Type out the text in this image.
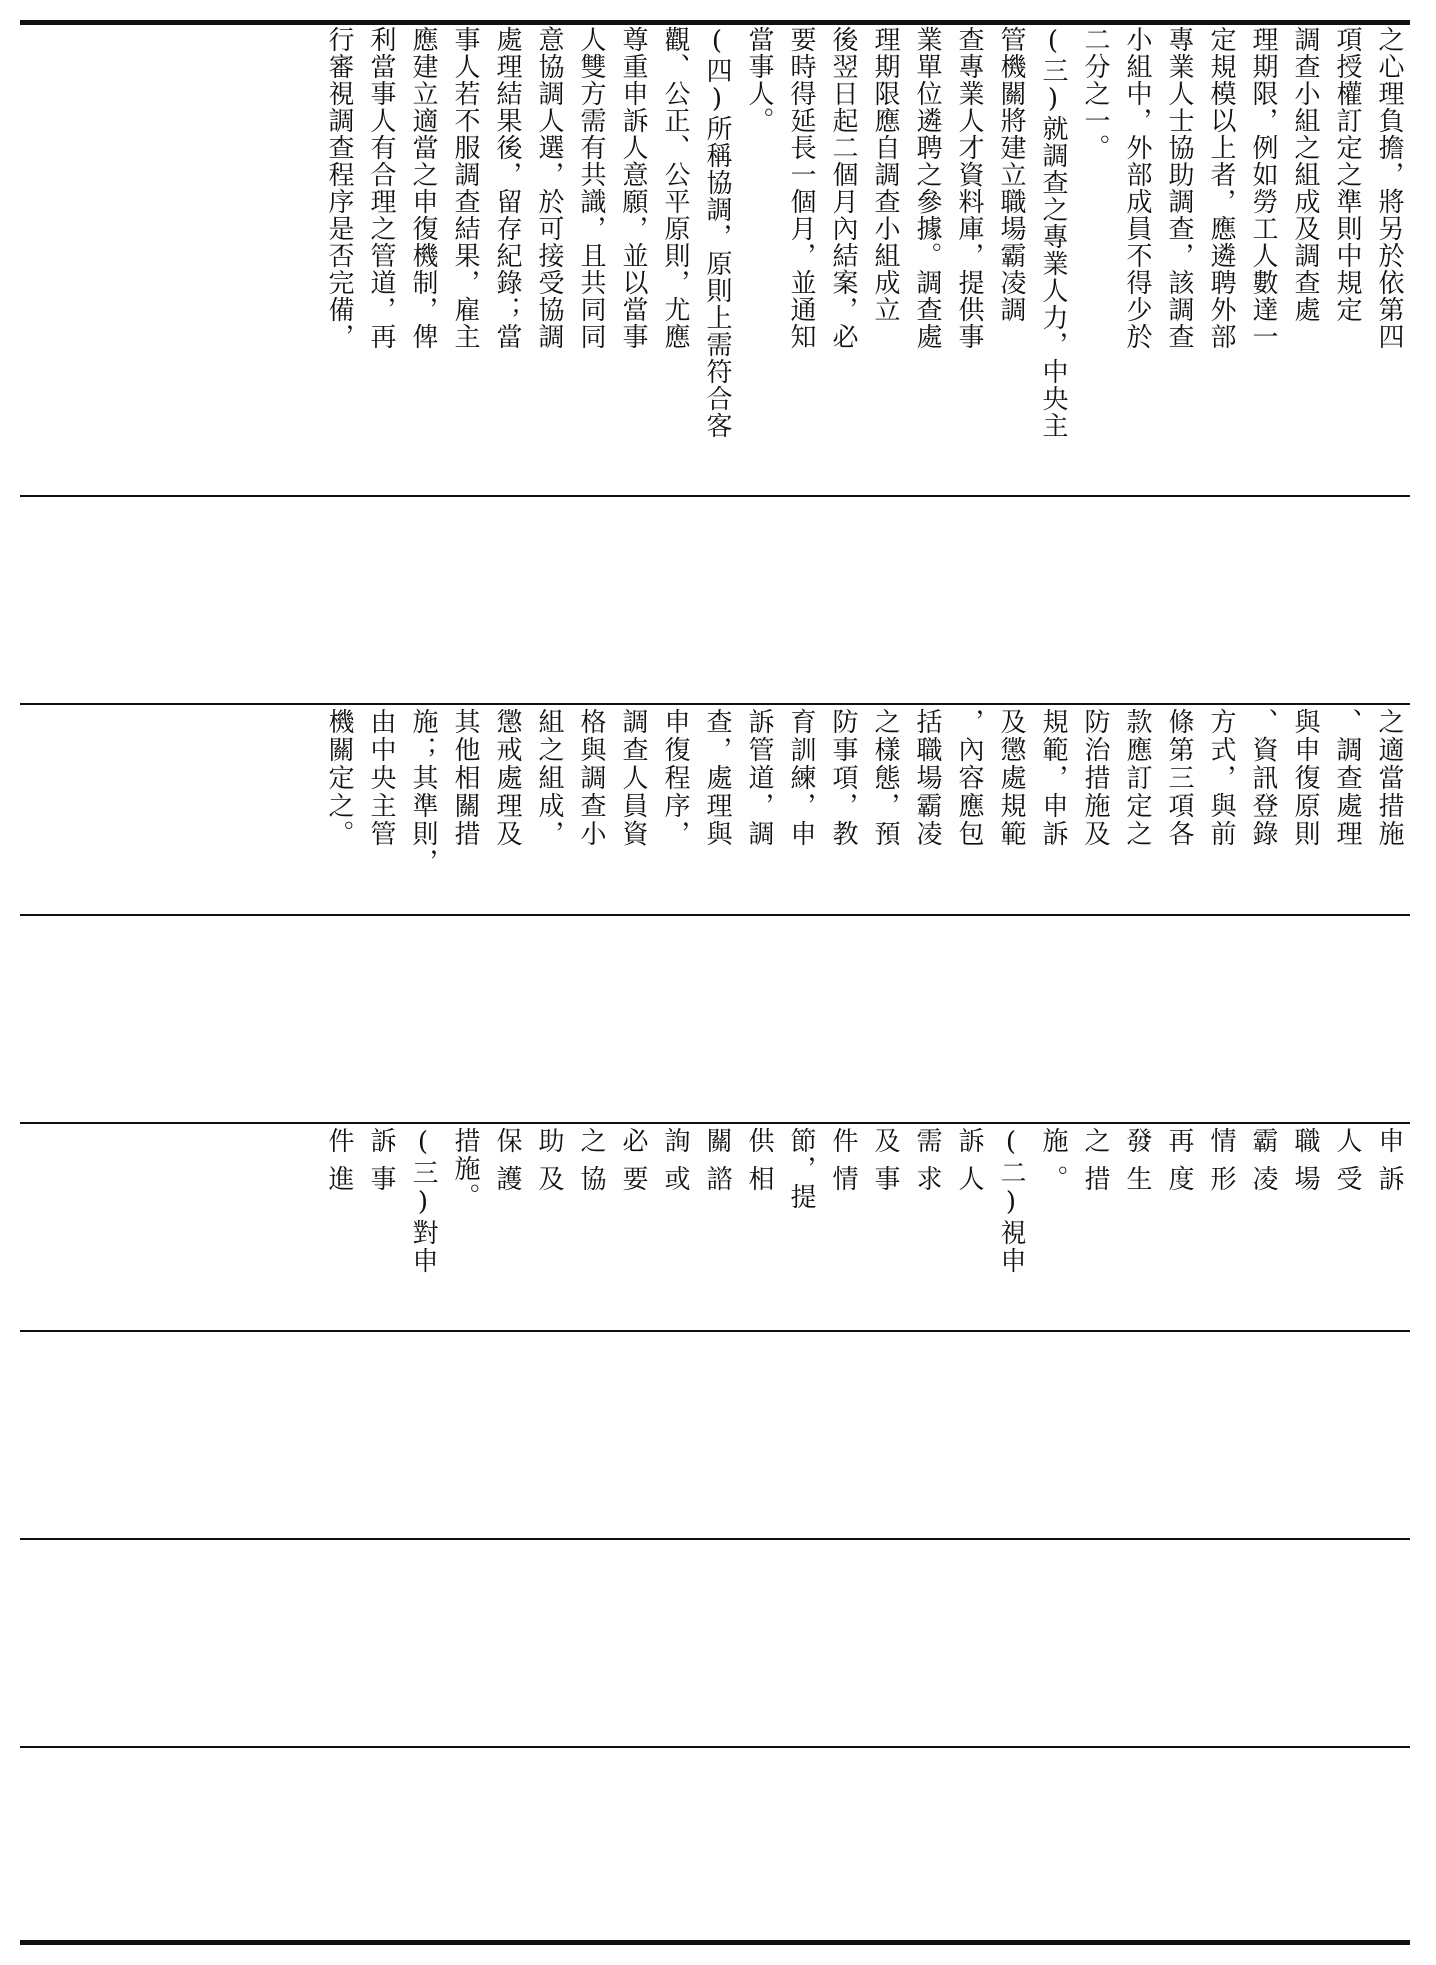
之心理負擔，將另於依第四
項授權訂定之準則中規定
調查小組之組成及調查處
理期限，例如勞工人數達一
定規模以上者，應遴聘外部
專業人士協助調查，該調查
小組中，外部成員不得少於
二分之一。
(三)就調查之專業人力，中央主
管機關將建立職場霸凌調
查專業人才資料庫，提供事
業單位遴聘之參據。調查處
理期限應自調查小組成立
後翌日起二個月內結案，必
要時得延長一個月，並通知
當事人。
(四)所稱協調，原則上需符合客
觀、公正、公平原則，尤應
尊重申訴人意願，並以當事
人雙方需有共識，且共同同
意協調人選，於可接受協調
處理結果後，留存紀錄；當
事人若不服調查結果，雇主
應建立適當之申復機制，俾
利當事人有合理之管道，再
行審視調查程序是否完備，
之適當措施
、調查處理
與申復原則
、資訊登錄
方式，與前
條第三項各
款應訂定之
防治措施及
規範，申訴
及懲處規範
，內容應包
括職場霸凌
之樣態，預
防事項，教
育訓練，申
訴管道，調
查，處理與
申復程序，
調查人員資
格與調查小
組之組成，
懲戒處理及
其他相關措
施；其準則，
由中央主管
機關定之。
申訴
人受
職場
霸凌
情形
再度
發生
之措
施。
(二)視申
訴人
需求
及事
件情
節，提
供相
關諮
詢或
必要
之協
助及
保護
措施。
(三)對申
訴事
件進
